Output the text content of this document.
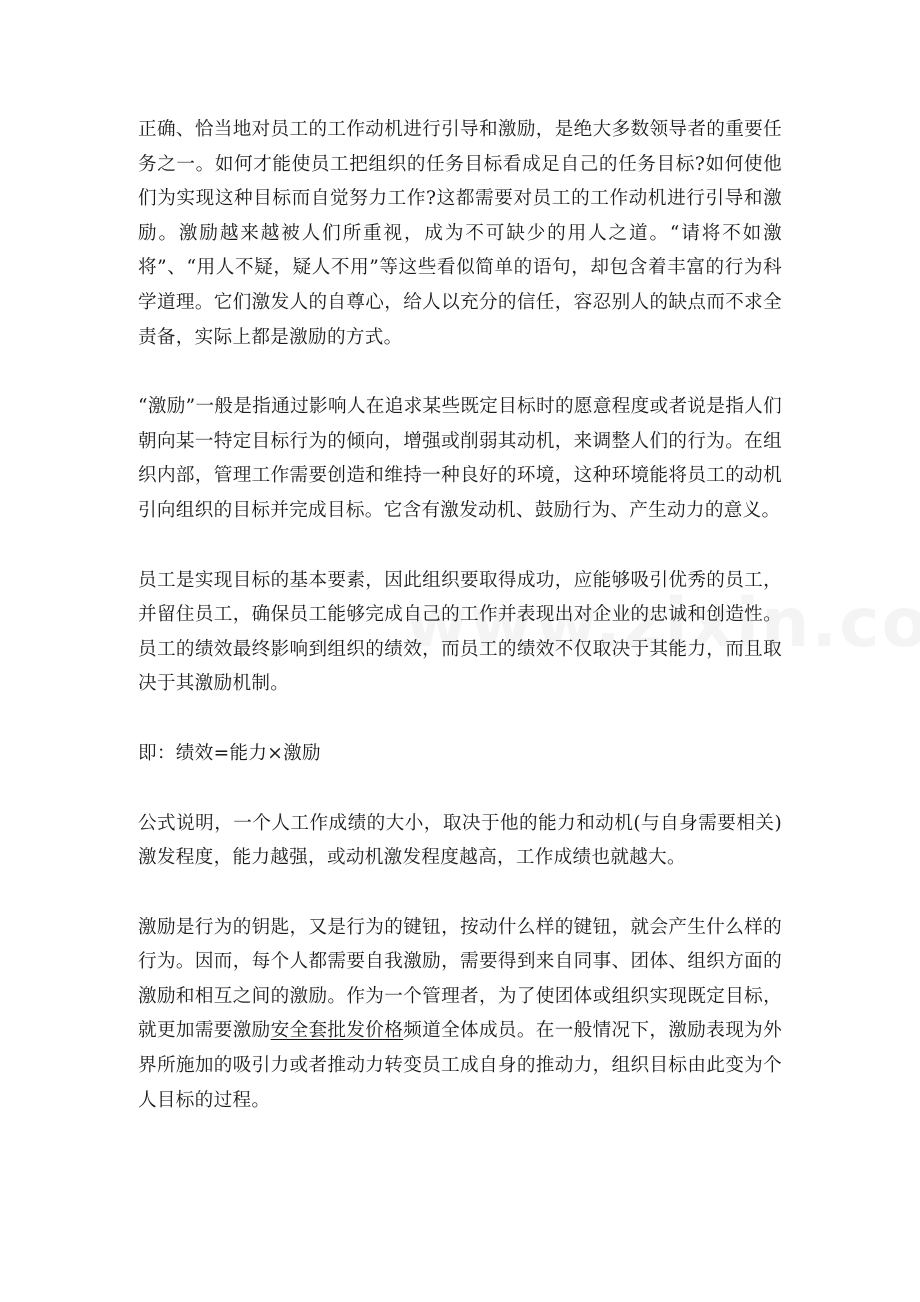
正确、恰当地对员工的工作动机进行引导和激励，是绝大多数领导者的重要任务之一。如何才能使员工把组织的任务目标看成足自己的任务目标?如何使他们为实现这种目标而自觉努力工作?这都需要对员工的工作动机进行引导和激励。激励越来越被人们所重视，成为不可缺少的用人之道。“请将不如激将”、“用人不疑，疑人不用”等这些看似简单的语句，却包含着丰富的行为科学道理。它们激发人的自尊心，给人以充分的信任，容忍别人的缺点而不求全责备，实际上都是激励的方式。

“激励”一般是指通过影响人在追求某些既定目标时的愿意程度或者说是指人们朝向某一特定目标行为的倾向，增强或削弱其动机，来调整人们的行为。在组织内部，管理工作需要创造和维持一种良好的环境，这种环境能将员工的动机引向组织的目标并完成目标。它含有激发动机、鼓励行为、产生动力的意义。

员工是实现目标的基本要素，因此组织要取得成功，应能够吸引优秀的员工，并留住员工，确保员工能够完成自己的工作并表现出对企业的忠诚和创造性。员工的绩效最终影响到组织的绩效，而员工的绩效不仅取决于其能力，而且取决于其激励机制。

即：绩效=能力×激励

公式说明，一个人工作成绩的大小，取决于他的能力和动机(与自身需要相关)激发程度，能力越强，或动机激发程度越高，工作成绩也就越大。

激励是行为的钥匙，又是行为的键钮，按动什么样的键钮，就会产生什么样的行为。因而，每个人都需要自我激励，需要得到来自同事、团体、组织方面的激励和相互之间的激励。作为一个管理者，为了使团体或组织实现既定目标，就更加需要激励安全套批发价格频道全体成员。在一般情况下，激励表现为外界所施加的吸引力或者推动力转变员工成自身的推动力，组织目标由此变为个人目标的过程。
